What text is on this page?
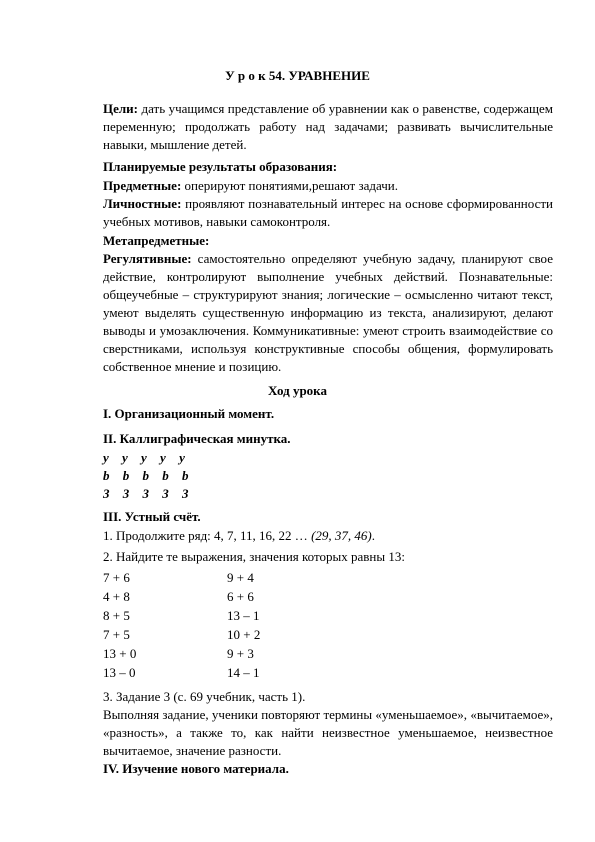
У р о к 54. УРАВНЕНИЕ
Цели: дать учащимся представление об уравнении как о равенстве, содержащем переменную; продолжать работу над задачами; развивать вычислительные навыки, мышление детей.
Планируемые результаты образования:
Предметные: оперируют понятиями,решают задачи.
Личностные: проявляют познавательный интерес на основе сформированности учебных мотивов, навыки самоконтроля.
Метапредметные:
Регулятивные: самостоятельно определяют учебную задачу, планируют свое действие, контролируют выполнение учебных действий. Познавательные: общеучебные – структурируют знания; логические – осмысленно читают текст, умеют выделять существенную информацию из текста, анализируют, делают выводы и умозаключения. Коммуникативные: умеют строить взаимодействие со сверстниками, используя конструктивные способы общения, формулировать собственное мнение и позицию.
Ход урока
I. Организационный момент.
II. Каллиграфическая минутка.
у у у у у
b b b b b
3 3 3 3 3
III. Устный счёт.
1. Продолжите ряд: 4, 7, 11, 16, 22 … (29, 37, 46).
2. Найдите те выражения, значения которых равны 13:
7 + 6	9 + 4
4 + 8	6 + 6
8 + 5	13 – 1
7 + 5	10 + 2
13 + 0	9 + 3
13 – 0	14 – 1
3. Задание 3 (с. 69 учебник, часть 1).
Выполняя задание, ученики повторяют термины «уменьшаемое», «вычитаемое», «разность», а также то, как найти неизвестное уменьшаемое, неизвестное вычитаемое, значение разности.
IV. Изучение нового материала.
